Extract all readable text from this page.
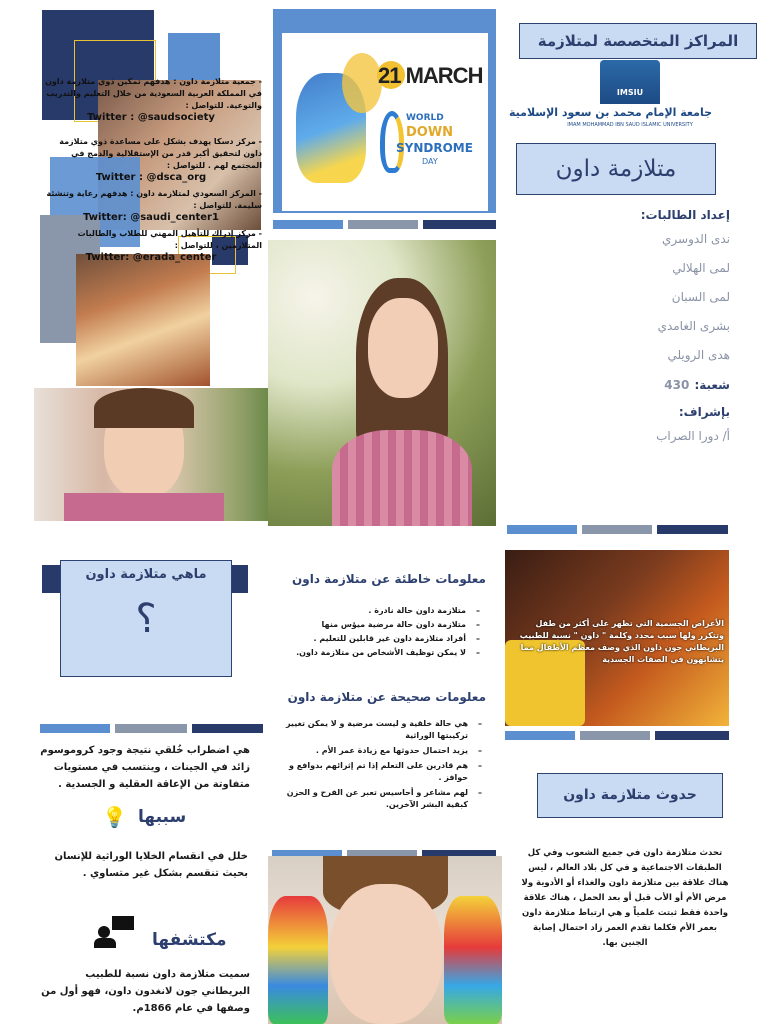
- جمعية متلازمة داون : هدفهم تمكين ذوي متلازمة داون في المملكة العربية السعودية من خلال التعليم والتدريب والتوعية. للتواصل :
Twitter : @saudsociety
- مركز دسكا يهدف بشكل على مساعدة ذوي متلازمة داون لتحقيق أكبر قدر من الإستقلالية والدمج في المجتمع لهم . للتواصل :
Twitter : @dsca_org
- المركز السعودي لمتلازمة داون : هدفهم رعاية وتنشئة سليمة. للتواصل :
Twitter: @saudi_center1
- مركز إدراك للتأهيل المهني للطلاب والطالبات المتلازمين ، للتواصل :
Twitter: @erada_center
21 MARCH
WORLD
DOWN
SYNDROME
DAY
المراكز المتخصصة لمتلازمة
IMSIU
جامعة الإمام محمد بن سعود الإسلامية
IMAM MOHAMMAD IBN SAUD ISLAMIC UNIVERSITY
متلازمة داون
إعداد الطالبات:
ندى الدوسري
لمى الهلالي
لمى السبان
بشرى الغامدي
هدى الرويلي
شعبة: 430
بإشراف:
أ/ دورا الصراب
ماهي متلازمة داون
؟
هي اضطراب خُلقي نتيجة وجود كروموسوم زائد في الجينات ، وينتسب في مستويات متفاوتة من الإعاقة العقلية و الجسدية .
💡 سببها
خلل في انقسام الخلايا الوراثية للإنسان بحيث تنقسم بشكل غير متساوي .
مكتشفها
سميت متلازمة داون نسبة للطبيب البريطاني جون لانغدون داون، فهو أول من وصفها في عام 1866م.
معلومات خاطئة عن متلازمة داون
– متلازمة داون حالة نادرة .
– متلازمة داون حالة مرضية ميؤس منها
– أفراد متلازمة داون غير قابلين للتعليم .
– لا يمكن توظيف الأشخاص من متلازمة داون.
معلومات صحيحة عن متلازمة داون
– هي حالة خلقية و ليست مرضية و لا يمكن تغيير تركيبتها الوراثية
– يزيد احتمال حدوثها مع زيادة عمر الأم .
– هم قادرين على التعلم إذا تم إثرائهم بدوافع و حوافز .
– لهم مشاعر و أحاسيس تعبر عن الفرح و الحزن كبقية البشر الآخرين.
الأعراض الجسمية التي تظهر على أكثر من طفل وتتكرر ولها سبب محدد وكلمة " داون " نسبة للطبيب البريطاني جون داون الذي وصف معظم الأطفال مما يتشابهون في الصفات الجسدية
حدوث متلازمة داون
تحدث متلازمة داون في جميع الشعوب وفي كل الطبقات الاجتماعية و في كل بلاد العالم ، ليس هناك علاقة بين متلازمة داون والغذاء أو الأدوية ولا مرض الأم أو الأب قبل أو بعد الحمل ، هناك علاقة واحدة فقط ثبتت علمياً و هي ارتباط متلازمة داون بعمر الأم فكلما تقدم العمر زاد احتمال إصابة الجنين بها.
